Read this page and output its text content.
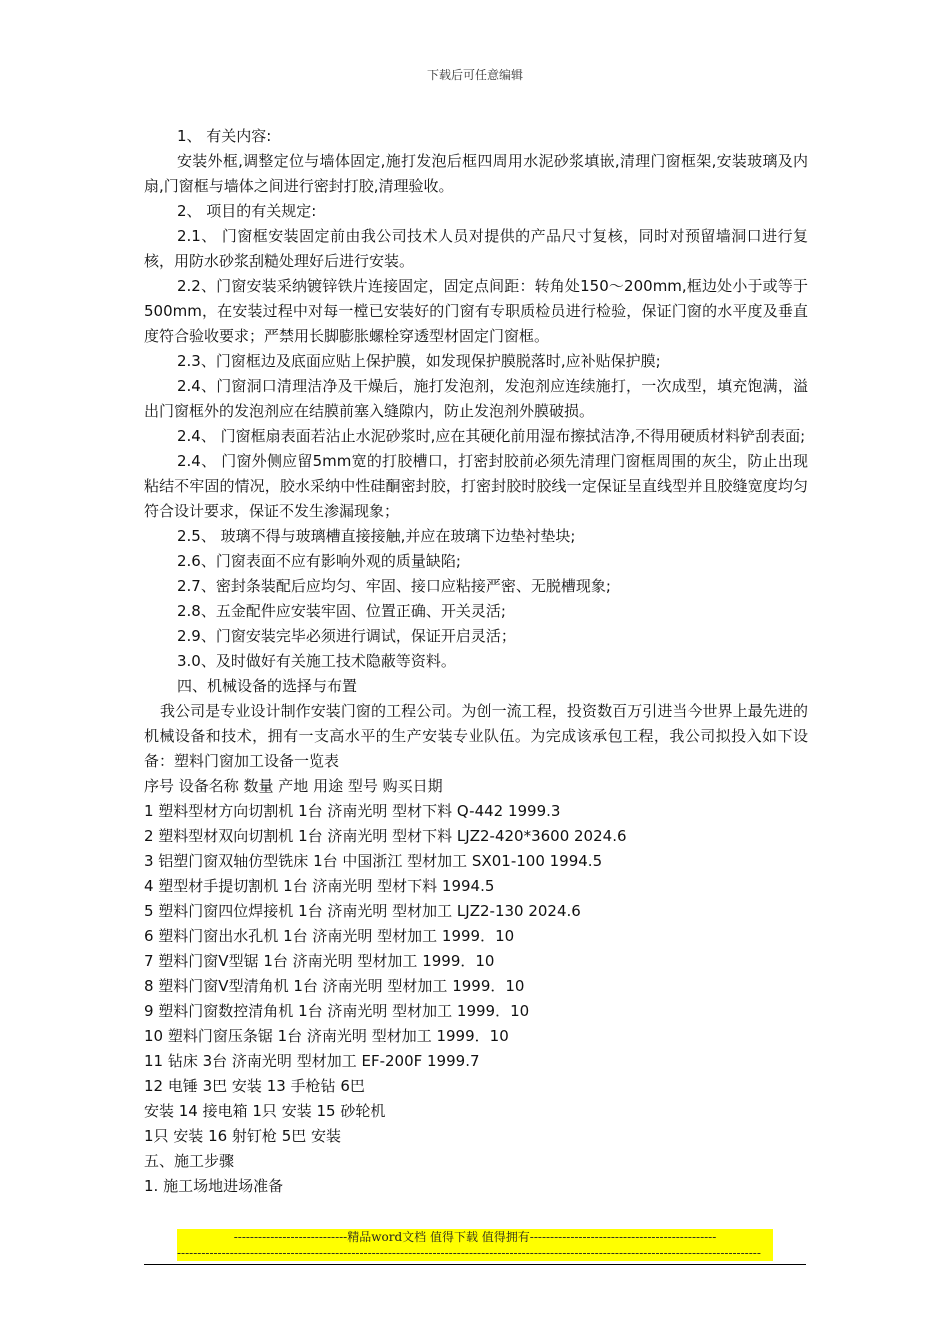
下载后可任意编辑

1、 有关内容:

安装外框,调整定位与墙体固定,施打发泡后框四周用水泥砂浆填嵌,清理门窗框架,安装玻璃及内扇,门窗框与墙体之间进行密封打胶,清理验收。

2、 项目的有关规定:

2.1、 门窗框安装固定前由我公司技术人员对提供的产品尺寸复核，同时对预留墙洞口进行复核，用防水砂浆刮糙处理好后进行安装。

2.2、门窗安装采纳镀锌铁片连接固定，固定点间距：转角处150～200mm,框边处小于或等于500mm，在安装过程中对每一樘已安装好的门窗有专职质检员进行检验，保证门窗的水平度及垂直度符合验收要求；严禁用长脚膨胀螺栓穿透型材固定门窗框。

2.3、门窗框边及底面应贴上保护膜，如发现保护膜脱落时,应补贴保护膜;

2.4、门窗洞口清理洁净及干燥后，施打发泡剂，发泡剂应连续施打，一次成型，填充饱满，溢出门窗框外的发泡剂应在结膜前塞入缝隙内，防止发泡剂外膜破损。

2.4、 门窗框扇表面若沾止水泥砂浆时,应在其硬化前用湿布擦拭洁净,不得用硬质材料铲刮表面;

2.4、 门窗外侧应留5mm宽的打胶槽口，打密封胶前必须先清理门窗框周围的灰尘，防止出现粘结不牢固的情况，胶水采纳中性硅酮密封胶，打密封胶时胶线一定保证呈直线型并且胶缝宽度均匀符合设计要求，保证不发生渗漏现象；

2.5、 玻璃不得与玻璃槽直接接触,并应在玻璃下边垫衬垫块;

2.6、门窗表面不应有影响外观的质量缺陷;

2.7、密封条装配后应均匀、牢固、接口应粘接严密、无脱槽现象;

2.8、五金配件应安装牢固、位置正确、开关灵活;

2.9、门窗安装完毕必须进行调试，保证开启灵活；

3.0、及时做好有关施工技术隐蔽等资料。

四、机械设备的选择与布置

我公司是专业设计制作安装门窗的工程公司。为创一流工程，投资数百万引进当今世界上最先进的机械设备和技术，拥有一支高水平的生产安装专业队伍。为完成该承包工程，我公司拟投入如下设备：塑料门窗加工设备一览表

序号 设备名称 数量 产地 用途 型号 购买日期

1 塑料型材方向切割机 1台 济南光明 型材下料 Q-442 1999.3

2 塑料型材双向切割机 1台 济南光明 型材下料 LJZ2-420*3600 2024.6

3 铝塑门窗双轴仿型铣床 1台 中国浙江 型材加工 SX01-100 1994.5

4 塑型材手提切割机 1台 济南光明 型材下料 1994.5

5 塑料门窗四位焊接机 1台 济南光明 型材加工 LJZ2-130 2024.6

6 塑料门窗出水孔机 1台 济南光明 型材加工 1999．10

7 塑料门窗V型锯 1台 济南光明 型材加工 1999．10

8 塑料门窗V型清角机 1台 济南光明 型材加工 1999．10

9 塑料门窗数控清角机 1台 济南光明 型材加工 1999．10

10 塑料门窗压条锯 1台 济南光明 型材加工 1999．10

11 钻床 3台 济南光明 型材加工 EF-200F 1999.7

12 电锤 3巴 安装 13 手枪钻 6巴

安装 14 接电箱 1只 安装 15 砂轮机

1只 安装 16 射钉枪 5巴 安装

五、施工步骤

1. 施工场地进场准备

----------------------------精品word文档 值得下载 值得拥有----------------------------------------------
------------------------------------------------------------------------------------------------------------------------------------------------
